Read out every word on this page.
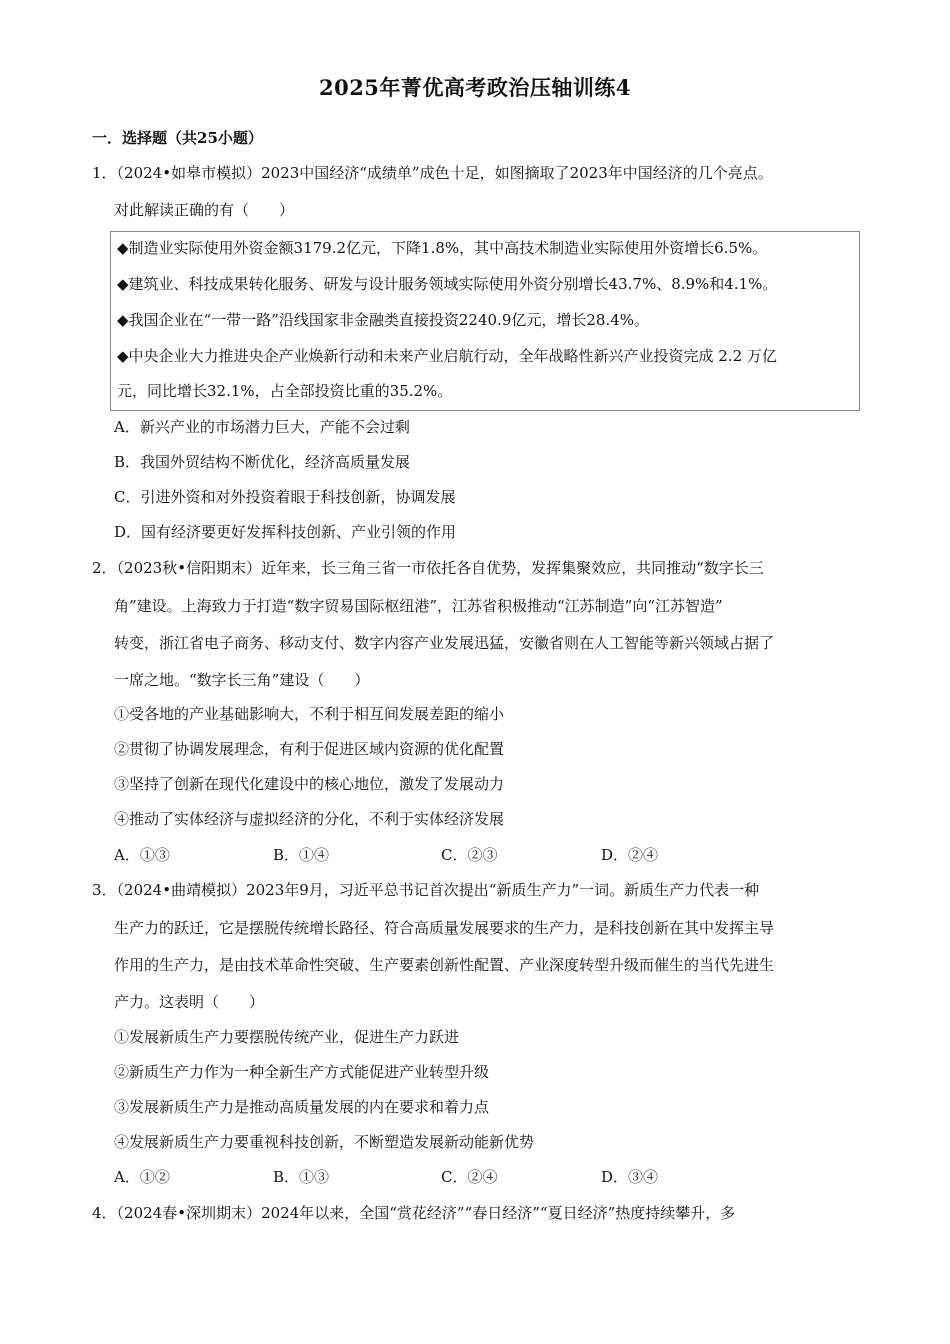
2025年菁优高考政治压轴训练4
一．选择题（共25小题）
1．（2024•如皋市模拟）2023中国经济“成绩单”成色十足，如图摘取了2023年中国经济的几个亮点。
对此解读正确的有（　　）
◆制造业实际使用外资金额3179.2亿元，下降1.8%，其中高技术制造业实际使用外资增长6.5%。
◆建筑业、科技成果转化服务、研发与设计服务领域实际使用外资分别增长43.7%、8.9%和4.1%。
◆我国企业在“一带一路”沿线国家非金融类直接投资2240.9亿元，增长28.4%。
◆中央企业大力推进央企产业焕新行动和未来产业启航行动，全年战略性新兴产业投资完成 2.2 万亿
元，同比增长32.1%，占全部投资比重的35.2%。
A．新兴产业的市场潜力巨大，产能不会过剩
B．我国外贸结构不断优化，经济高质量发展
C．引进外资和对外投资着眼于科技创新，协调发展
D．国有经济要更好发挥科技创新、产业引领的作用
2．（2023秋•信阳期末）近年来，长三角三省一市依托各自优势，发挥集聚效应，共同推动“数字长三
角”建设。上海致力于打造“数字贸易国际枢纽港”，江苏省积极推动“江苏制造”向“江苏智造”
转变，浙江省电子商务、移动支付、数字内容产业发展迅猛，安徽省则在人工智能等新兴领域占据了
一席之地。“数字长三角”建设（　　）
①受各地的产业基础影响大，不利于相互间发展差距的缩小
②贯彻了协调发展理念，有利于促进区域内资源的优化配置
③坚持了创新在现代化建设中的核心地位，激发了发展动力
④推动了实体经济与虚拟经济的分化，不利于实体经济发展
A．①③	B．①④	C．②③	D．②④
3．（2024•曲靖模拟）2023年9月，习近平总书记首次提出“新质生产力”一词。新质生产力代表一种
生产力的跃迁，它是摆脱传统增长路径、符合高质量发展要求的生产力，是科技创新在其中发挥主导
作用的生产力，是由技术革命性突破、生产要素创新性配置、产业深度转型升级而催生的当代先进生
产力。这表明（　　）
①发展新质生产力要摆脱传统产业，促进生产力跃进
②新质生产力作为一种全新生产方式能促进产业转型升级
③发展新质生产力是推动高质量发展的内在要求和着力点
④发展新质生产力要重视科技创新，不断塑造发展新动能新优势
A．①②	B．①③	C．②④	D．③④
4．（2024春•深圳期末）2024年以来，全国“赏花经济”“春日经济”“夏日经济”热度持续攀升，多
